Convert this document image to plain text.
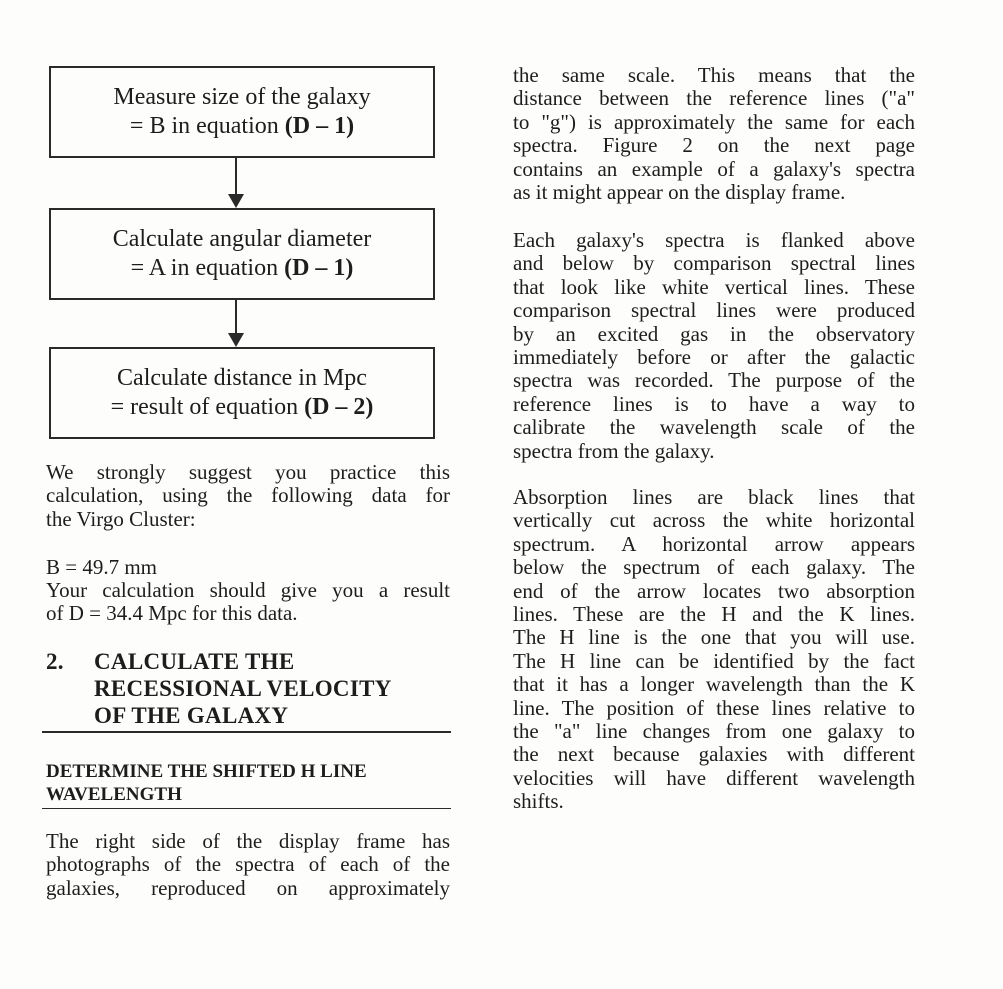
Measure size of the galaxy
= B in equation (D – 1)
Calculate angular diameter
= A in equation (D – 1)
Calculate distance in Mpc
= result of equation (D – 2)
We strongly suggest you practice this
calculation, using the following data for
the Virgo Cluster:
B = 49.7 mm
Your calculation should give you a result
of D = 34.4 Mpc for this data.
2. CALCULATE THE
RECESSIONAL VELOCITY
OF THE GALAXY
DETERMINE THE SHIFTED H LINE
WAVELENGTH
The right side of the display frame has
photographs of the spectra of each of the
galaxies, reproduced on approximately
the same scale. This means that the
distance between the reference lines ("a"
to "g") is approximately the same for each
spectra. Figure 2 on the next page
contains an example of a galaxy's spectra
as it might appear on the display frame.
Each galaxy's spectra is flanked above
and below by comparison spectral lines
that look like white vertical lines. These
comparison spectral lines were produced
by an excited gas in the observatory
immediately before or after the galactic
spectra was recorded. The purpose of the
reference lines is to have a way to
calibrate the wavelength scale of the
spectra from the galaxy.
Absorption lines are black lines that
vertically cut across the white horizontal
spectrum. A horizontal arrow appears
below the spectrum of each galaxy. The
end of the arrow locates two absorption
lines. These are the H and the K lines.
The H line is the one that you will use.
The H line can be identified by the fact
that it has a longer wavelength than the K
line. The position of these lines relative to
the "a" line changes from one galaxy to
the next because galaxies with different
velocities will have different wavelength
shifts.
